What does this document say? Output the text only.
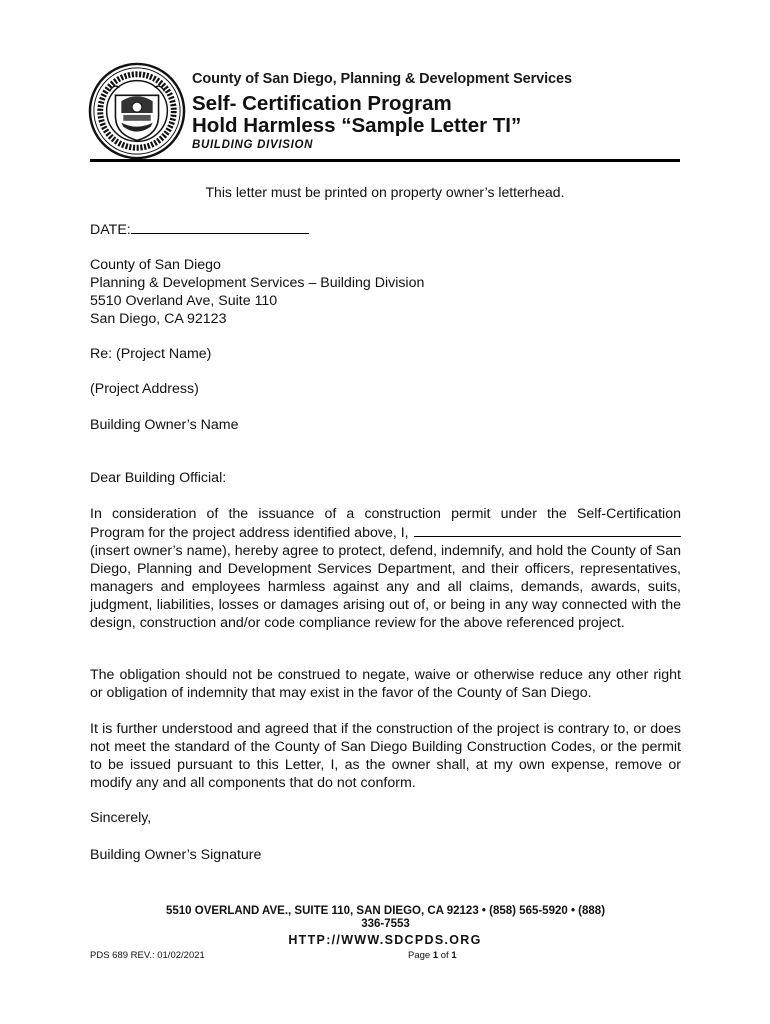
County of San Diego, Planning & Development Services
Self- Certification Program
Hold Harmless “Sample Letter TI”
BUILDING DIVISION
This letter must be printed on property owner’s letterhead.
DATE:
County of San Diego
Planning & Development Services – Building Division
5510 Overland Ave, Suite 110
San Diego, CA 92123
Re: (Project Name)
(Project Address)
Building Owner’s Name
Dear Building Official:
In consideration of the issuance of a construction permit under the Self-Certification
Program for the project address identified above, I,
(insert owner’s name), hereby agree to protect, defend, indemnify, and hold the County of San Diego, Planning and Development Services Department, and their officers, representatives, managers and employees harmless against any and all claims, demands, awards, suits, judgment, liabilities, losses or damages arising out of, or being in any way connected with the design, construction and/or code compliance review for the above referenced project.
The obligation should not be construed to negate, waive or otherwise reduce any other right or obligation of indemnity that may exist in the favor of the County of San Diego.
It is further understood and agreed that if the construction of the project is contrary to, or does not meet the standard of the County of San Diego Building Construction Codes, or the permit to be issued pursuant to this Letter, I, as the owner shall, at my own expense, remove or modify any and all components that do not conform.
Sincerely,
Building Owner’s Signature
5510 OVERLAND AVE., SUITE 110, SAN DIEGO, CA 92123 • (858) 565-5920 • (888)
336-7553
HTTP://WWW.SDCPDS.ORG
PDS 689 REV.: 01/02/2021	Page 1 of 1
